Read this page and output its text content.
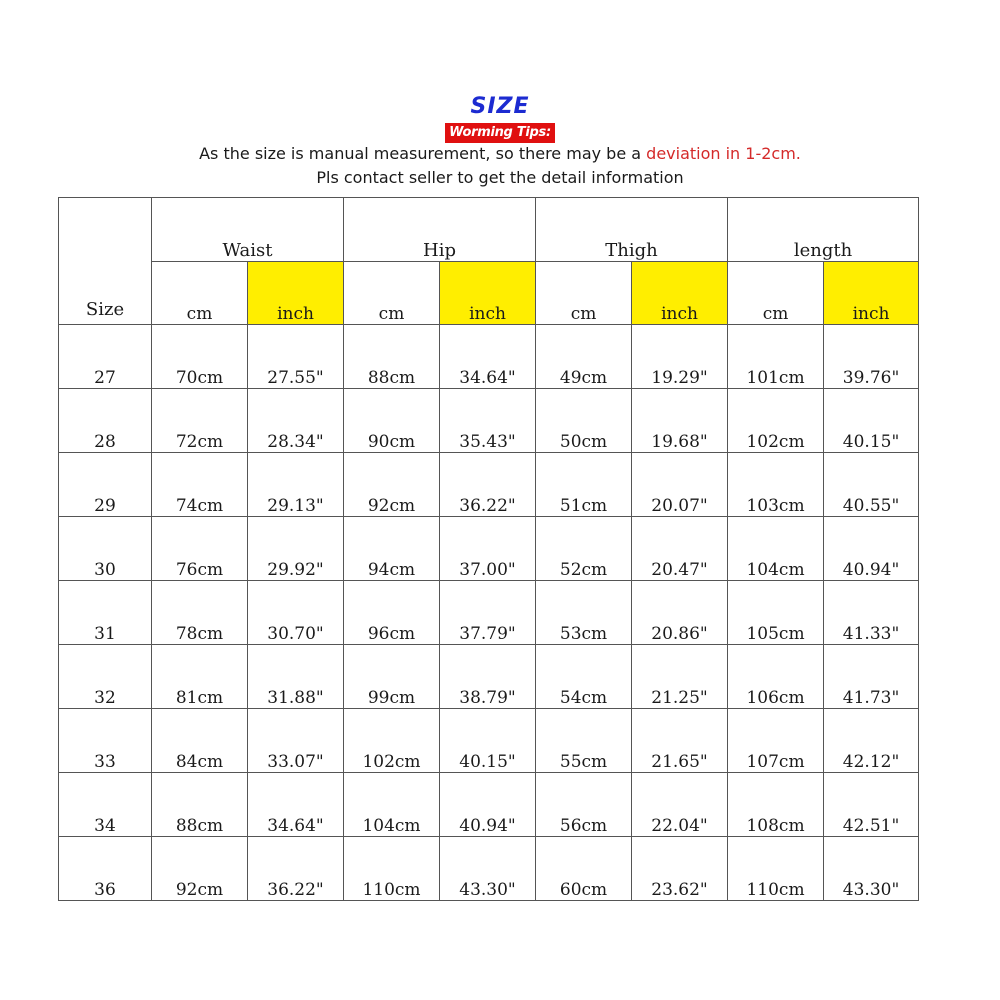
SIZE
Worming Tips:
As the size is manual measurement, so there may be a deviation in 1-2cm.
Pls contact seller to get the detail information
Size	Waist		Hip		Thigh		length	
	cm	inch	cm	inch	cm	inch	cm	inch
27	70cm	27.55"	88cm	34.64"	49cm	19.29"	101cm	39.76"
28	72cm	28.34"	90cm	35.43"	50cm	19.68"	102cm	40.15"
29	74cm	29.13"	92cm	36.22"	51cm	20.07"	103cm	40.55"
30	76cm	29.92"	94cm	37.00"	52cm	20.47"	104cm	40.94"
31	78cm	30.70"	96cm	37.79"	53cm	20.86"	105cm	41.33"
32	81cm	31.88"	99cm	38.79"	54cm	21.25"	106cm	41.73"
33	84cm	33.07"	102cm	40.15"	55cm	21.65"	107cm	42.12"
34	88cm	34.64"	104cm	40.94"	56cm	22.04"	108cm	42.51"
36	92cm	36.22"	110cm	43.30"	60cm	23.62"	110cm	43.30"
